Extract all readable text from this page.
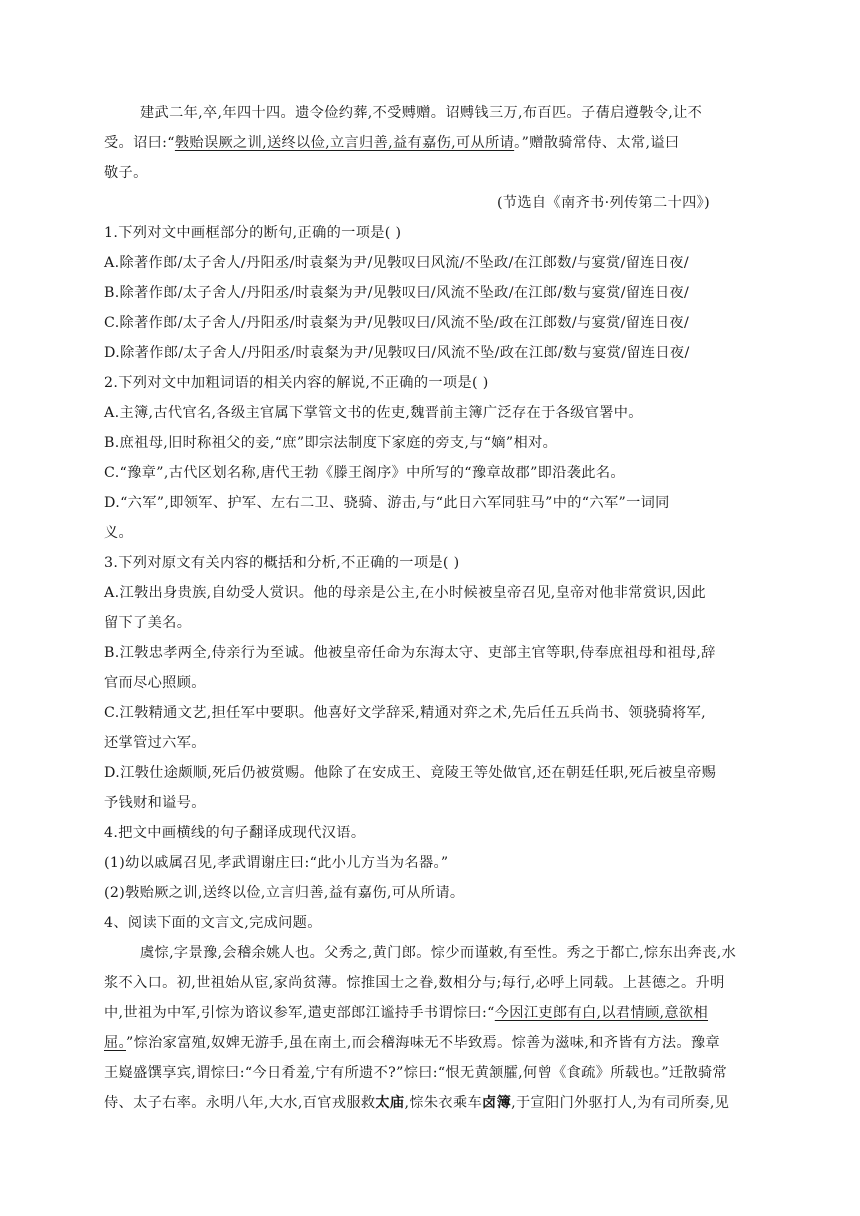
建武二年,卒,年四十四。遗令俭约葬,不受赙赠。诏赙钱三万,布百匹。子蒨启遵斅令,让不
受。诏曰:“斅贻误厥之训,送终以俭,立言归善,益有嘉伤,可从所请。”赠散骑常侍、太常,谥曰
敬子。
(节选自《南齐书·列传第二十四》)
1.下列对文中画框部分的断句,正确的一项是( )
A.除著作郎/太子舍人/丹阳丞/时袁粲为尹/见斅叹曰风流/不坠政/在江郎数/与宴赏/留连日夜/
B.除著作郎/太子舍人/丹阳丞/时袁粲为尹/见斅叹曰/风流不坠政/在江郎/数与宴赏/留连日夜/
C.除著作郎/太子舍人/丹阳丞/时袁粲为尹/见斅叹曰/风流不坠/政在江郎数/与宴赏/留连日夜/
D.除著作郎/太子舍人/丹阳丞/时袁粲为尹/见斅叹曰/风流不坠/政在江郎/数与宴赏/留连日夜/
2.下列对文中加粗词语的相关内容的解说,不正确的一项是( )
A.主簿,古代官名,各级主官属下掌管文书的佐吏,魏晋前主簿广泛存在于各级官署中。
B.庶祖母,旧时称祖父的妾,“庶”即宗法制度下家庭的旁支,与“嫡”相对。
C.“豫章”,古代区划名称,唐代王勃《滕王阁序》中所写的“豫章故郡”即沿袭此名。
D.“六军”,即领军、护军、左右二卫、骁骑、游击,与“此日六军同驻马”中的“六军”一词同
义。
3.下列对原文有关内容的概括和分析,不正确的一项是( )
A.江斅出身贵族,自幼受人赏识。他的母亲是公主,在小时候被皇帝召见,皇帝对他非常赏识,因此
留下了美名。
B.江斅忠孝两全,侍亲行为至诚。他被皇帝任命为东海太守、吏部主官等职,侍奉庶祖母和祖母,辞
官而尽心照顾。
C.江斅精通文艺,担任军中要职。他喜好文学辞采,精通对弈之术,先后任五兵尚书、领骁骑将军,
还掌管过六军。
D.江斅仕途颇顺,死后仍被赏赐。他除了在安成王、竟陵王等处做官,还在朝廷任职,死后被皇帝赐
予钱财和谥号。
4.把文中画横线的句子翻译成现代汉语。
(1)幼以戚属召见,孝武谓谢庄曰:“此小儿方当为名器。”
(2)斅贻厥之训,送终以俭,立言归善,益有嘉伤,可从所请。
4、阅读下面的文言文,完成问题。
虞悰,字景豫,会稽余姚人也。父秀之,黄门郎。悰少而谨敕,有至性。秀之于都亡,悰东出奔丧,水
浆不入口。初,世祖始从宦,家尚贫薄。悰推国士之眷,数相分与;每行,必呼上同载。上甚德之。升明
中,世祖为中军,引悰为谘议参军,遣吏部郎江谧持手书谓悰曰:“今因江吏郎有白,以君情顾,意欲相
屈。”悰治家富殖,奴婢无游手,虽在南土,而会稽海味无不毕致焉。悰善为滋味,和齐皆有方法。豫章
王嶷盛馔享宾,谓悰曰:“今日肴羞,宁有所遗不?”悰曰:“恨无黄颔臛,何曾《食疏》所载也。”迁散骑常
侍、太子右率。永明八年,大水,百官戎服救太庙,悰朱衣乘车卤簿,于宣阳门外驱打人,为有司所奏,见
